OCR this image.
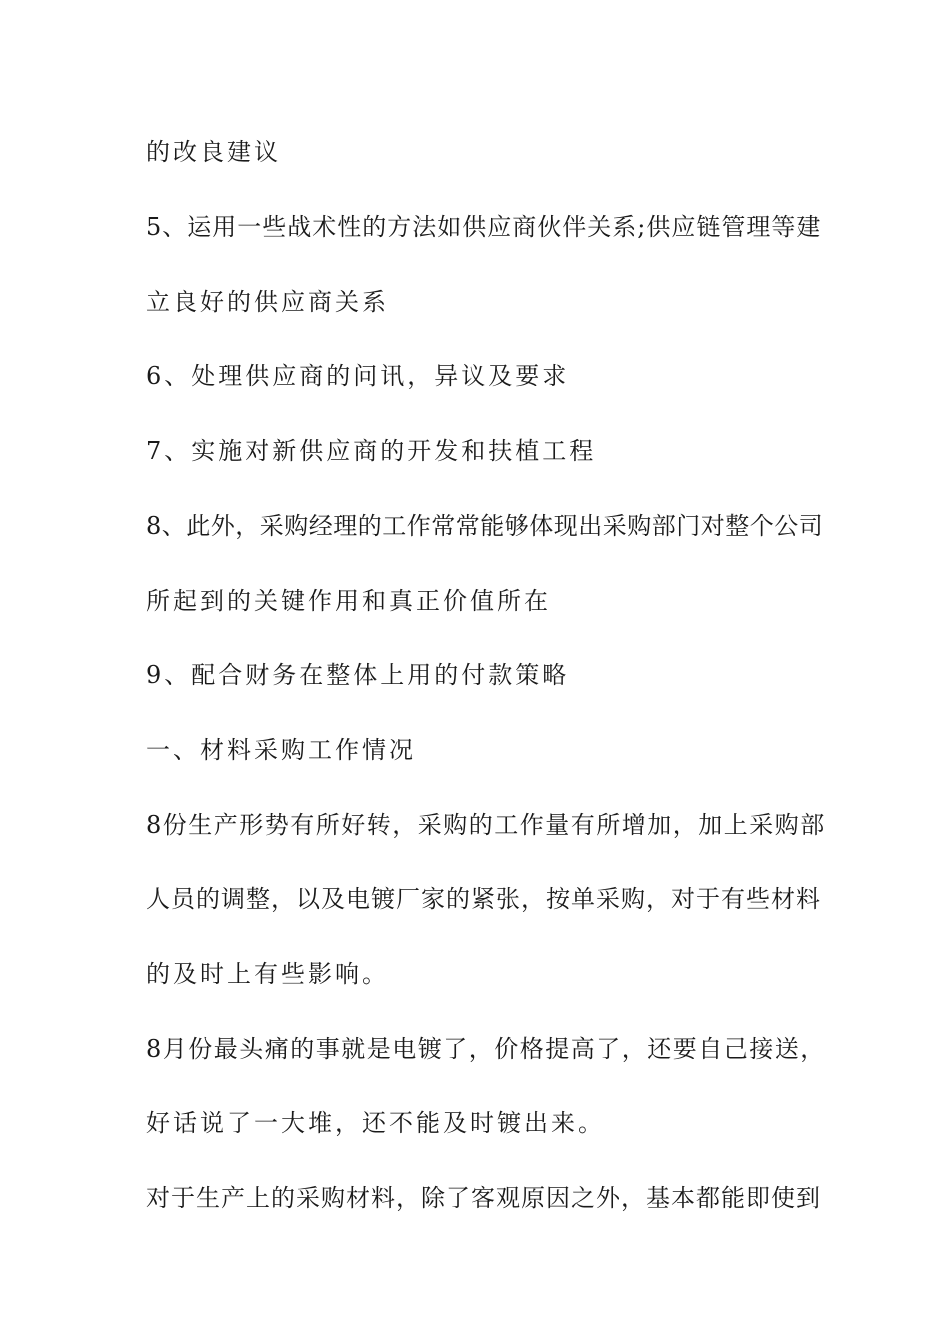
的改良建议
5、运用一些战术性的方法如供应商伙伴关系;供应链管理等建
立良好的供应商关系
6、处理供应商的问讯，异议及要求
7、实施对新供应商的开发和扶植工程
8、此外，采购经理的工作常常能够体现出采购部门对整个公司
所起到的关键作用和真正价值所在
9、配合财务在整体上用的付款策略
一、材料采购工作情况
8份生产形势有所好转，采购的工作量有所增加，加上采购部
人员的调整，以及电镀厂家的紧张，按单采购，对于有些材料
的及时上有些影响。
8月份最头痛的事就是电镀了，价格提高了，还要自己接送，
好话说了一大堆，还不能及时镀出来。
对于生产上的采购材料，除了客观原因之外，基本都能即使到
